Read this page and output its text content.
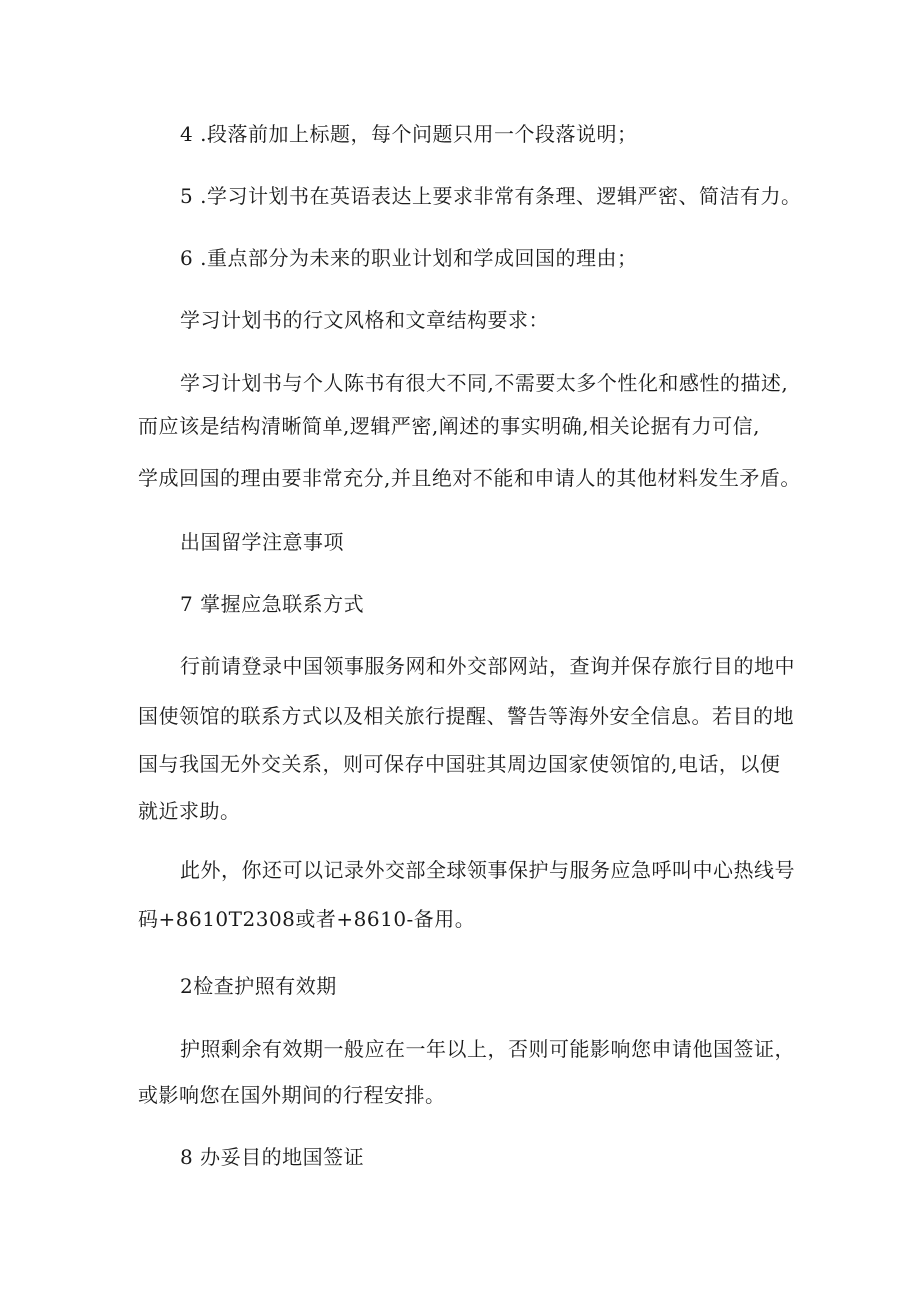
4 .段落前加上标题，每个问题只用一个段落说明；
5 .学习计划书在英语表达上要求非常有条理、逻辑严密、简洁有力。
6 .重点部分为未来的职业计划和学成回国的理由；
学习计划书的行文风格和文章结构要求：
学习计划书与个人陈书有很大不同,不需要太多个性化和感性的描述,
而应该是结构清晰简单,逻辑严密,阐述的事实明确,相关论据有力可信,
学成回国的理由要非常充分,并且绝对不能和申请人的其他材料发生矛盾。
出国留学注意事项
7 掌握应急联系方式
行前请登录中国领事服务网和外交部网站，查询并保存旅行目的地中
国使领馆的联系方式以及相关旅行提醒、警告等海外安全信息。若目的地
国与我国无外交关系，则可保存中国驻其周边国家使领馆的,电话，以便
就近求助。
此外，你还可以记录外交部全球领事保护与服务应急呼叫中心热线号
码+8610T2308或者+8610-备用。
2检查护照有效期
护照剩余有效期一般应在一年以上，否则可能影响您申请他国签证，
或影响您在国外期间的行程安排。
8 办妥目的地国签证
